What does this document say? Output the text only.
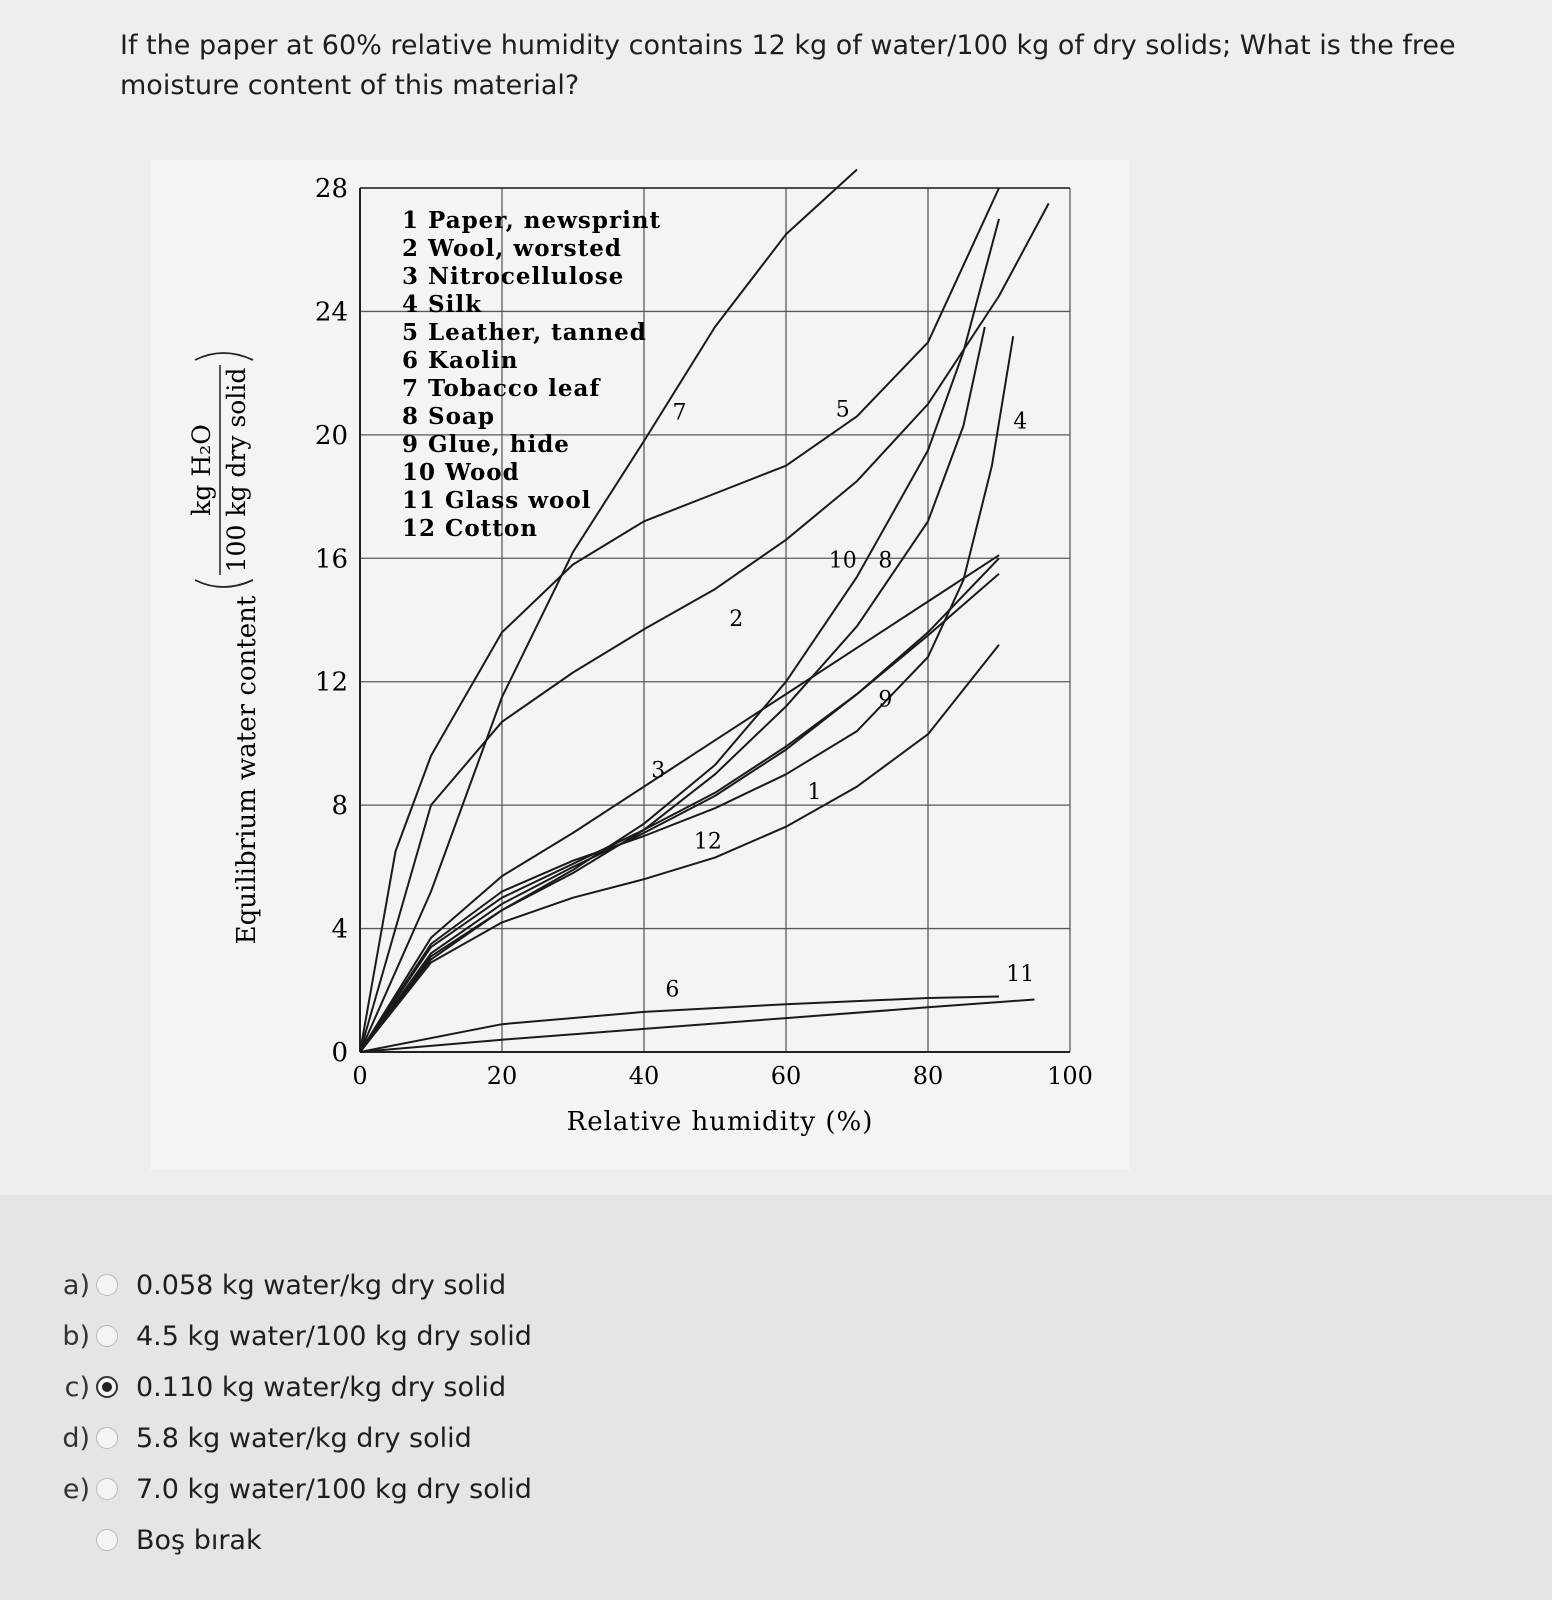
If the paper at 60% relative humidity contains 12 kg of water/100 kg of dry solids; What is the free moisture content of this material?
0	20	40	60	80	100
0
4
8
12
16
20
24
28
1
2
3
4
5
6
7
8
9
10
11
12
Relative humidity (%)
Equilibrium water content
kg H₂O 100 kg dry solid
1 Paper, newsprint
2 Wool, worsted
3 Nitrocellulose
4 Silk
5 Leather, tanned
6 Kaolin
7 Tobacco leaf
8 Soap
9 Glue, hide
10 Wood
11 Glass wool
12 Cotton
a) 0.058 kg water/kg dry solid
b) 4.5 kg water/100 kg dry solid
c) 0.110 kg water/kg dry solid
d) 5.8 kg water/kg dry solid
e) 7.0 kg water/100 kg dry solid
Boş bırak
